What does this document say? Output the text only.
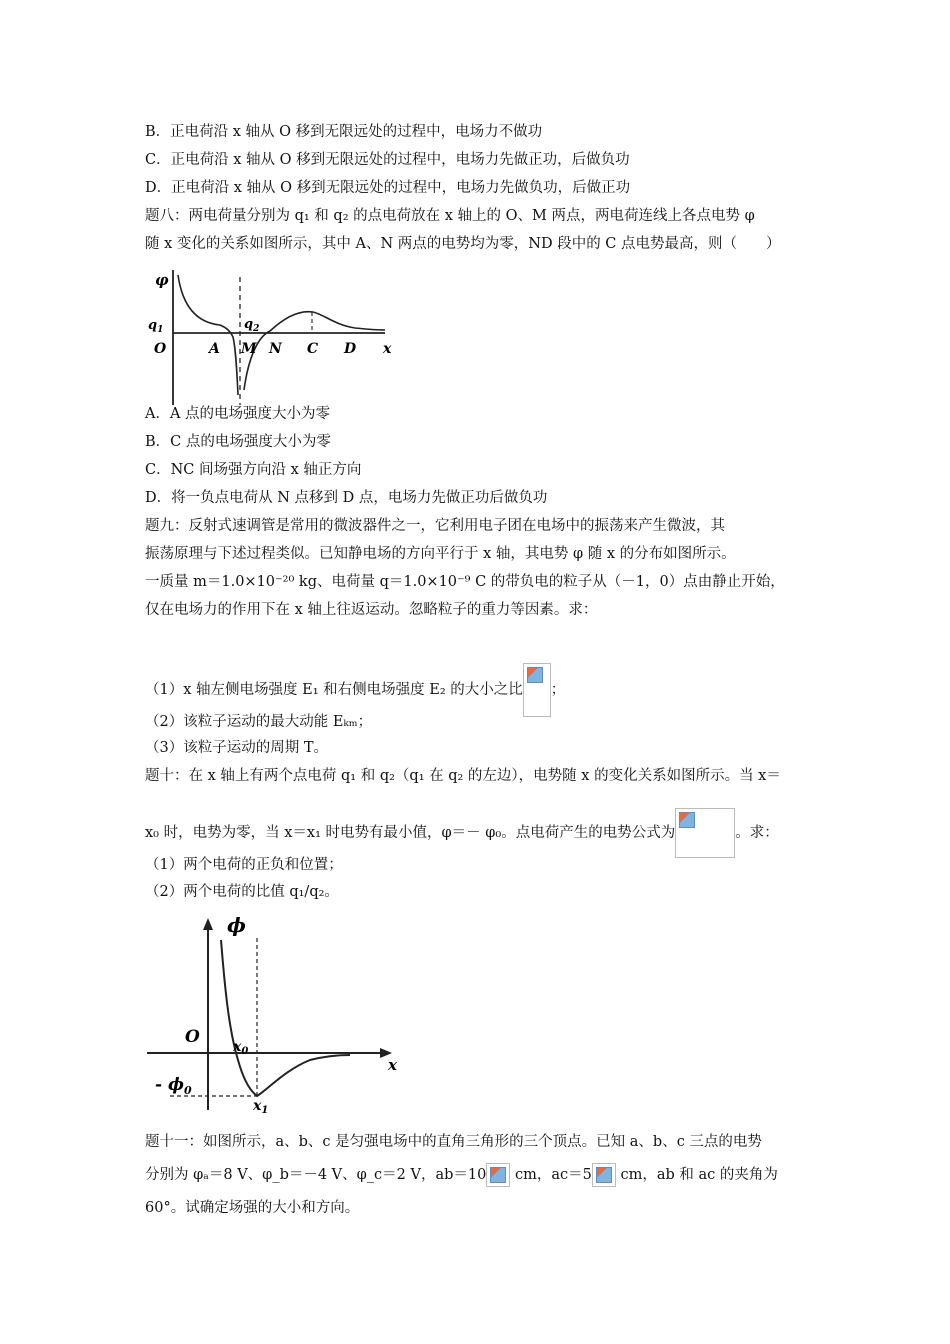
B．正电荷沿 x 轴从 O 移到无限远处的过程中，电场力不做功
C．正电荷沿 x 轴从 O 移到无限远处的过程中，电场力先做正功，后做负功
D．正电荷沿 x 轴从 O 移到无限远处的过程中，电场力先做负功，后做正功
题八：两电荷量分别为 q₁ 和 q₂ 的点电荷放在 x 轴上的 O、M 两点，两电荷连线上各点电势 φ
随 x 变化的关系如图所示，其中 A、N 两点的电势均为零，ND 段中的 C 点电势最高，则（　　）
φ
$q_1$	$q_2$
O	A M N C D x
A．A 点的电场强度大小为零
B．C 点的电场强度大小为零
C．NC 间场强方向沿 x 轴正方向
D．将一负点电荷从 N 点移到 D 点，电场力先做正功后做负功
题九：反射式速调管是常用的微波器件之一，它利用电子团在电场中的振荡来产生微波，其
振荡原理与下述过程类似。已知静电场的方向平行于 x 轴，其电势 φ 随 x 的分布如图所示。
一质量 m＝1.0×10⁻²⁰ kg、电荷量 q＝1.0×10⁻⁹ C 的带负电的粒子从（－1，0）点由静止开始，
仅在电场力的作用下在 x 轴上往返运动。忽略粒子的重力等因素。求：
（1）x 轴左侧电场强度 E₁ 和右侧电场强度 E₂ 的大小之比 ；
（2）该粒子运动的最大动能 Eₖₘ；
（3）该粒子运动的周期 T。
题十：在 x 轴上有两个点电荷 q₁ 和 q₂（q₁ 在 q₂ 的左边），电势随 x 的变化关系如图所示。当 x＝
x₀ 时，电势为零，当 x＝x₁ 时电势有最小值，φ＝－ φ₀。点电荷产生的电势公式为	。求：
（1）两个电荷的正负和位置；
（2）两个电荷的比值 q₁/q₂。
ϕ
O $x_0$
$x_1$
- $\phi_0$
x
题十一：如图所示，a、b、c 是匀强电场中的直角三角形的三个顶点。已知 a、b、c 三点的电势
分别为 φₐ＝8 V、φ_b＝－4 V、φ_c＝2 V，ab＝10
cm，ac＝5
cm，ab 和 ac 的夹角为
60°。试确定场强的大小和方向。
